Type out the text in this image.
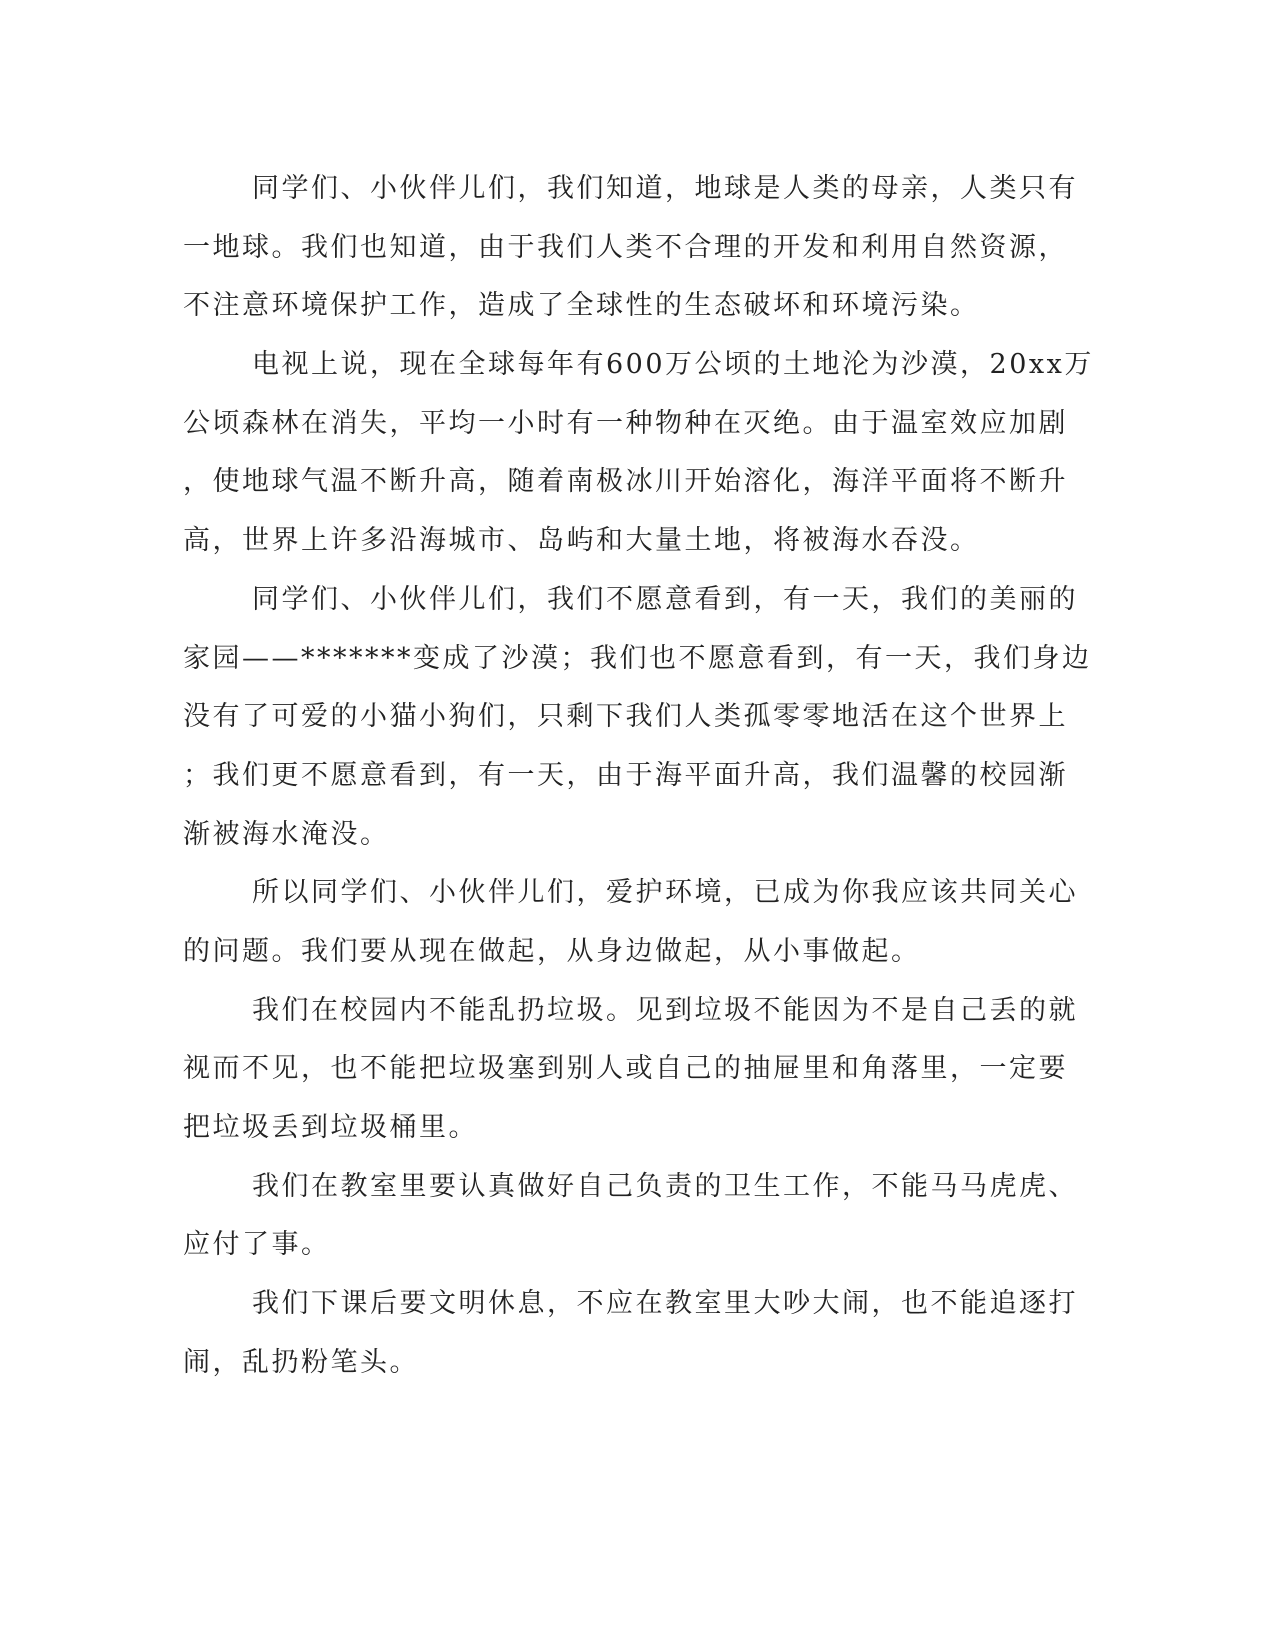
同学们、小伙伴儿们，我们知道，地球是人类的母亲，人类只有
一地球。我们也知道，由于我们人类不合理的开发和利用自然资源，
不注意环境保护工作，造成了全球性的生态破坏和环境污染。
电视上说，现在全球每年有600万公顷的土地沦为沙漠，20xx万
公顷森林在消失，平均一小时有一种物种在灭绝。由于温室效应加剧
，使地球气温不断升高，随着南极冰川开始溶化，海洋平面将不断升
高，世界上许多沿海城市、岛屿和大量土地，将被海水吞没。
同学们、小伙伴儿们，我们不愿意看到，有一天，我们的美丽的
家园——*******变成了沙漠；我们也不愿意看到，有一天，我们身边
没有了可爱的小猫小狗们，只剩下我们人类孤零零地活在这个世界上
；我们更不愿意看到，有一天，由于海平面升高，我们温馨的校园渐
渐被海水淹没。
所以同学们、小伙伴儿们，爱护环境，已成为你我应该共同关心
的问题。我们要从现在做起，从身边做起，从小事做起。
我们在校园内不能乱扔垃圾。见到垃圾不能因为不是自己丢的就
视而不见，也不能把垃圾塞到别人或自己的抽屉里和角落里，一定要
把垃圾丢到垃圾桶里。
我们在教室里要认真做好自己负责的卫生工作，不能马马虎虎、
应付了事。
我们下课后要文明休息，不应在教室里大吵大闹，也不能追逐打
闹，乱扔粉笔头。
